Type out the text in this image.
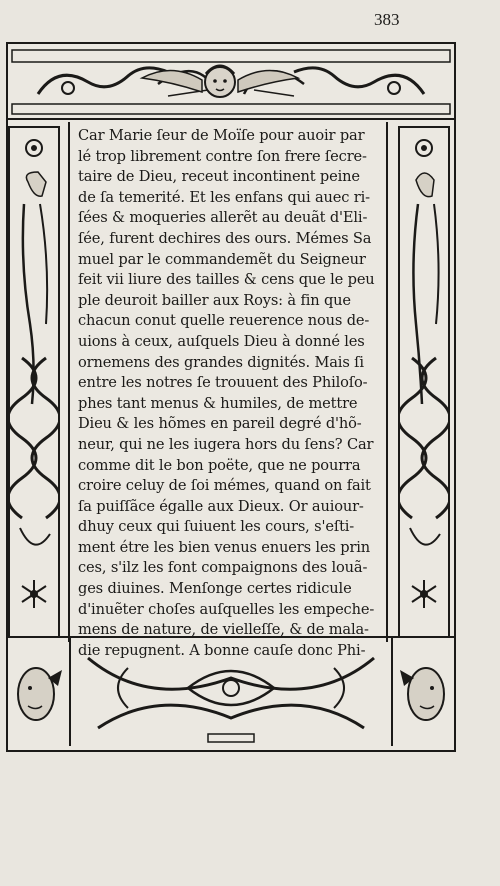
383
Car Marie ſeur de Moïſe pour auoir par
lé trop librement contre ſon frere ſecre-
taire de Dieu, receut incontinent peine
de ſa temerité. Et les enfans qui auec ri-
ſées & moqueries allerẽt au deuãt d'Eli-
ſée, furent dechires des ours. Mémes Sa
muel par le commandemẽt du Seigneur
feit vii liure des tailles & cens que le peu
ple deuroit bailler aux Roys: à fin que
chacun conut quelle reuerence nous de-
uions à ceux, auſquels Dieu à donné les
ornemens des grandes dignités. Mais ſi
entre les notres ſe trouuent des Philoſo-
phes tant menus & humiles, de mettre
Dieu & les hõmes en pareil degré d'hõ-
neur, qui ne les iugera hors du ſens? Car
comme dit le bon poëte, que ne pourra
croire celuy de ſoi mémes, quand on fait
ſa puiſſãce égalle aux Dieux. Or auiour-
dhuy ceux qui ſuiuent les cours, s'eſti-
ment étre les bien venus enuers les prin
ces, s'ilz les font compaignons des louã-
ges diuines. Menſonge certes ridicule
d'inuẽter choſes auſquelles les empeche-
mens de nature, de vielleſſe, & de mala-
die repugnent. A bonne cauſe donc Phi-
